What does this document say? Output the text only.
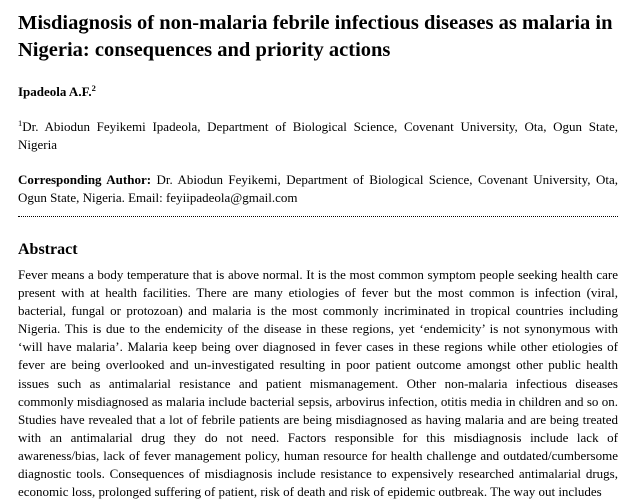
Misdiagnosis of non-malaria febrile infectious diseases as malaria in Nigeria: consequences and priority actions
Ipadeola A.F.$^2$
$^1$Dr. Abiodun Feyikemi Ipadeola, Department of Biological Science, Covenant University, Ota, Ogun State, Nigeria
Corresponding Author: Dr. Abiodun Feyikemi, Department of Biological Science, Covenant University, Ota, Ogun State, Nigeria. Email: feyiipadeola@gmail.com
Abstract

Fever means a body temperature that is above normal. It is the most common symptom people seeking health care present with at health facilities. There are many etiologies of fever but the most common is infection (viral, bacterial, fungal or protozoan) and malaria is the most commonly incriminated in tropical countries including Nigeria. This is due to the endemicity of the disease in these regions, yet ‘endemicity’ is not synonymous with ‘will have malaria’. Malaria keep being over diagnosed in fever cases in these regions while other etiologies of fever are being overlooked and un-investigated resulting in poor patient outcome amongst other public health issues such as antimalarial resistance and patient mismanagement. Other non-malaria infectious diseases commonly misdiagnosed as malaria include bacterial sepsis, arbovirus infection, otitis media in children and so on. Studies have revealed that a lot of febrile patients are being misdiagnosed as having malaria and are being treated with an antimalarial drug they do not need. Factors responsible for this misdiagnosis include lack of awareness/bias, lack of fever management policy, human resource for health challenge and outdated/cumbersome diagnostic tools. Consequences of misdiagnosis include resistance to expensively researched antimalarial drugs, economic loss, prolonged suffering of patient, risk of death and risk of epidemic outbreak. The way out includes
